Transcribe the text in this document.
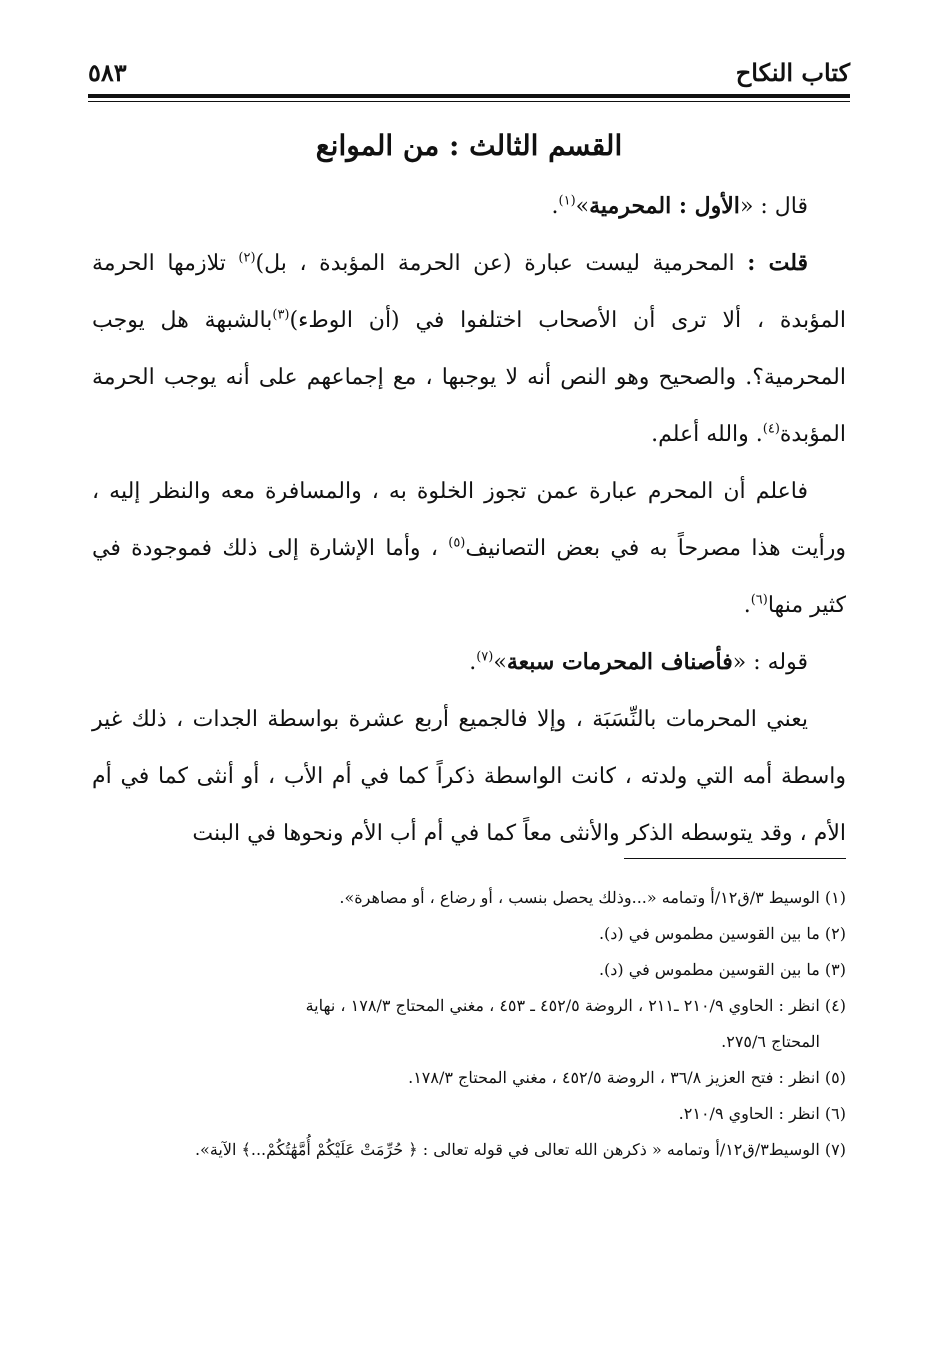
كتاب النكاح
٥٨٣
القسم الثالث : من الموانع

قال : «الأول : المحرمية»$^{(١)}$.

قلت : المحرمية ليست عبارة (عن الحرمة المؤبدة ، بل)$^{(٢)}$ تلازمها الحرمة المؤبدة ، ألا ترى أن الأصحاب اختلفوا في (أن الوطء)$^{(٣)}$بالشبهة هل يوجب المحرمية؟. والصحيح وهو النص أنه لا يوجبها ، مع إجماعهم على أنه يوجب الحرمة المؤبدة$^{(٤)}$. والله أعلم.

فاعلم أن المحرم عبارة عمن تجوز الخلوة به ، والمسافرة معه والنظر إليه ، ورأيت هذا مصرحاً به في بعض التصانيف$^{(٥)}$ ، وأما الإشارة إلى ذلك فموجودة في كثير منها$^{(٦)}$.

قوله : «فأصناف المحرمات سبعة»$^{(٧)}$.

يعني المحرمات بالنِّسَبَة ، وإلا فالجميع أربع عشرة بواسطة الجدات ، ذلك غير واسطة أمه التي ولدته ، كانت الواسطة ذكراً كما في أم الأب ، أو أنثى كما في أم الأم ، وقد يتوسطه الذكر والأنثى معاً كما في أم أب الأم ونحوها في البنت

(١) الوسيط ٣/ق١٢/أ وتمامه «...وذلك يحصل بنسب ، أو رضاع ، أو مصاهرة».

(٢) ما بين القوسين مطموس في (د).

(٣) ما بين القوسين مطموس في (د).

(٤) انظر : الحاوي ٢١٠/٩ ـ٢١١ ، الروضة ٤٥٢/٥ ـ ٤٥٣ ، مغني المحتاج ١٧٨/٣ ، نهاية

المحتاج ٢٧٥/٦.

(٥) انظر : فتح العزيز ٣٦/٨ ، الروضة ٤٥٢/٥ ، مغني المحتاج ١٧٨/٣.

(٦) انظر : الحاوي ٢١٠/٩.

(٧) الوسيط٣/ق١٢/أ وتمامه « ذكرهن الله تعالى في قوله تعالى : ﴿ حُرِّمَتْ عَلَيْكُمْ أُمَّهَٰتُكُمْ...﴾ الآية».
